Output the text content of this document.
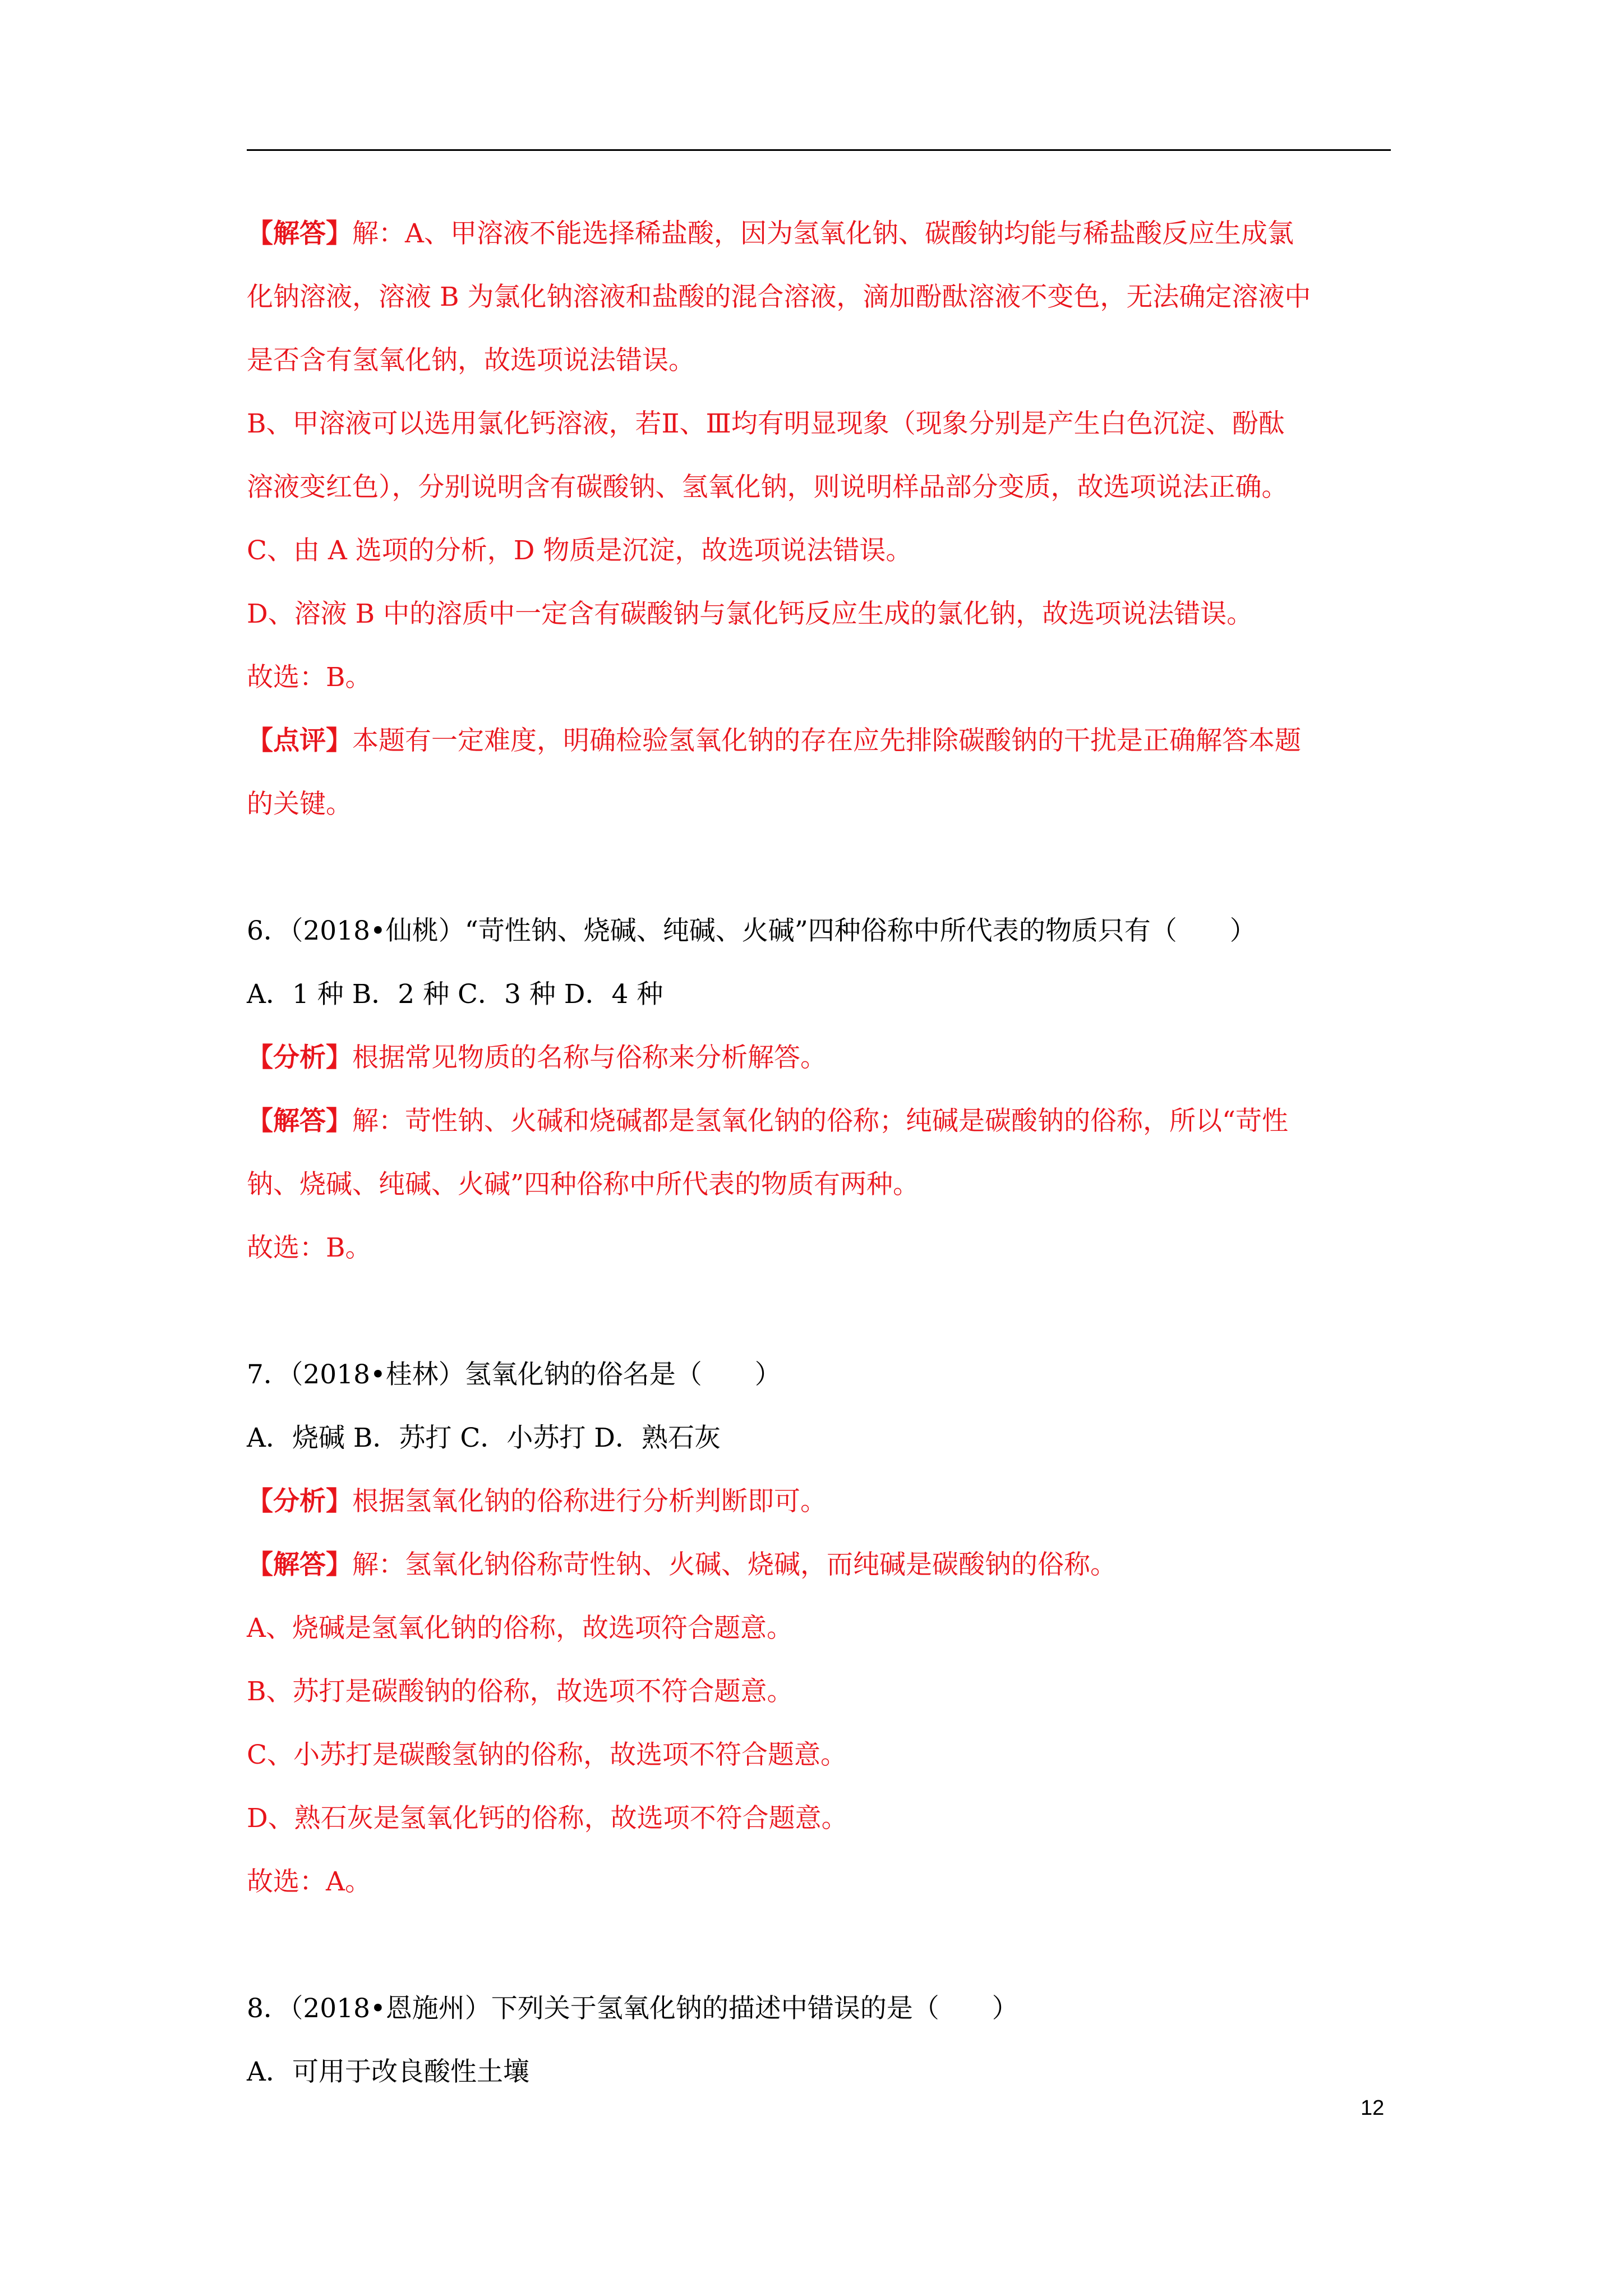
【解答】解：A、甲溶液不能选择稀盐酸，因为氢氧化钠、碳酸钠均能与稀盐酸反应生成氯
化钠溶液，溶液 B 为氯化钠溶液和盐酸的混合溶液，滴加酚酞溶液不变色，无法确定溶液中
是否含有氢氧化钠，故选项说法错误。
B、甲溶液可以选用氯化钙溶液，若Ⅱ、Ⅲ均有明显现象（现象分别是产生白色沉淀、酚酞
溶液变红色），分别说明含有碳酸钠、氢氧化钠，则说明样品部分变质，故选项说法正确。
C、由 A 选项的分析，D 物质是沉淀，故选项说法错误。
D、溶液 B 中的溶质中一定含有碳酸钠与氯化钙反应生成的氯化钠，故选项说法错误。
故选：B。
【点评】本题有一定难度，明确检验氢氧化钠的存在应先排除碳酸钠的干扰是正确解答本题
的关键。
6．（2018•仙桃）“苛性钠、烧碱、纯碱、火碱”四种俗称中所代表的物质只有（　　）
A．1 种 B．2 种 C．3 种 D．4 种
【分析】根据常见物质的名称与俗称来分析解答。
【解答】解：苛性钠、火碱和烧碱都是氢氧化钠的俗称；纯碱是碳酸钠的俗称，所以“苛性
钠、烧碱、纯碱、火碱”四种俗称中所代表的物质有两种。
故选：B。
7．（2018•桂林）氢氧化钠的俗名是（　　）
A．烧碱 B．苏打 C．小苏打 D．熟石灰
【分析】根据氢氧化钠的俗称进行分析判断即可。
【解答】解：氢氧化钠俗称苛性钠、火碱、烧碱，而纯碱是碳酸钠的俗称。
A、烧碱是氢氧化钠的俗称，故选项符合题意。
B、苏打是碳酸钠的俗称，故选项不符合题意。
C、小苏打是碳酸氢钠的俗称，故选项不符合题意。
D、熟石灰是氢氧化钙的俗称，故选项不符合题意。
故选：A。
8．（2018•恩施州）下列关于氢氧化钠的描述中错误的是（　　）
A．可用于改良酸性土壤
12
